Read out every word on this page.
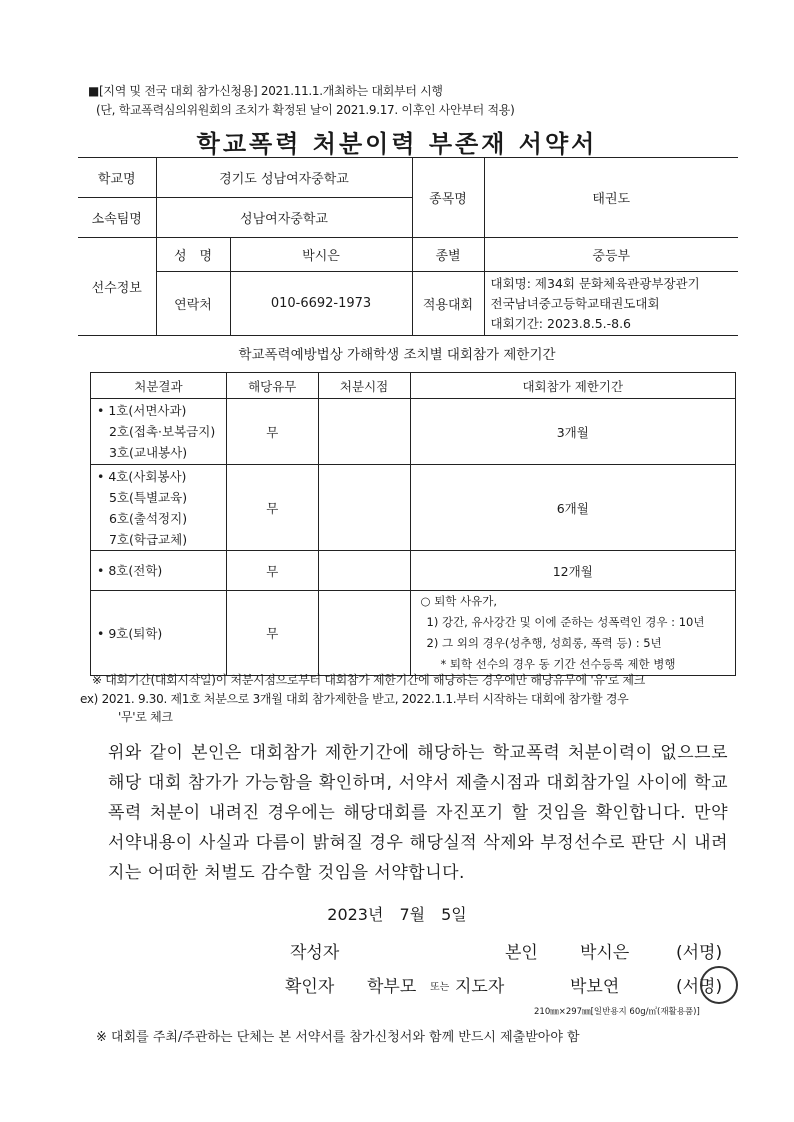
■[지역 및 전국 대회 참가신청용] 2021.11.1.개최하는 대회부터 시행
(단, 학교폭력심의위원회의 조치가 확정된 날이 2021.9.17. 이후인 사안부터 적용)
학교폭력 처분이력 부존재 서약서
학교명	경기도 성남여자중학교		종목명	태권도
소속팀명	성남여자중학교			
선수정보	성　명	박시은	종별	중등부
	연락처	010-6692-1973	적용대회	대회명: 제34회 문화체육관광부장관기
전국남녀중고등학교태권도대회
대회기간: 2023.8.5.-8.6
학교폭력예방법상 가해학생 조치별 대회참가 제한기간
처분결과	해당유무	처분시점	대회참가 제한기간

• 1호(서면사과)
2호(접촉·보복금지)
3호(교내봉사)	무		3개월

• 4호(사회봉사)
5호(특별교육)
6호(출석정지)
7호(학급교체)	무		6개월

• 8호(전학)	무		12개월

• 9호(퇴학)	무		○ 퇴학 사유가,
1) 강간, 유사강간 및 이에 준하는 성폭력인 경우 : 10년
2) 그 외의 경우(성추행, 성희롱, 폭력 등) : 5년
* 퇴학 선수의 경우 동 기간 선수등록 제한 병행
※ 대회기간(대회시작일)이 처분시점으로부터 대회참가 제한기간에 해당하는 경우에만 해당유무에 '유'로 체크
ex) 2021. 9.30. 제1호 처분으로 3개월 대회 참가제한을 받고, 2022.1.1.부터 시작하는 대회에 참가할 경우
'무'로 체크
위와 같이 본인은 대회참가 제한기간에 해당하는 학교폭력 처분이력이 없으므로 해당 대회 참가가 가능함을 확인하며, 서약서 제출시점과 대회참가일 사이에 학교폭력 처분이 내려진 경우에는 해당대회를 자진포기 할 것임을 확인합니다. 만약 서약내용이 사실과 다름이 밝혀질 경우 해당실적 삭제와 부정선수로 판단 시 내려지는 어떠한 처벌도 감수할 것임을 서약합니다.
2023년　7월　5일
작성자	본인 박시은	(서명)
확인자 학부모 또는 지도자	박보연	(서명)
210㎜×297㎜[일반용지 60g/㎡(재활용품)]
※ 대회를 주최/주관하는 단체는 본 서약서를 참가신청서와 함께 반드시 제출받아야 함
